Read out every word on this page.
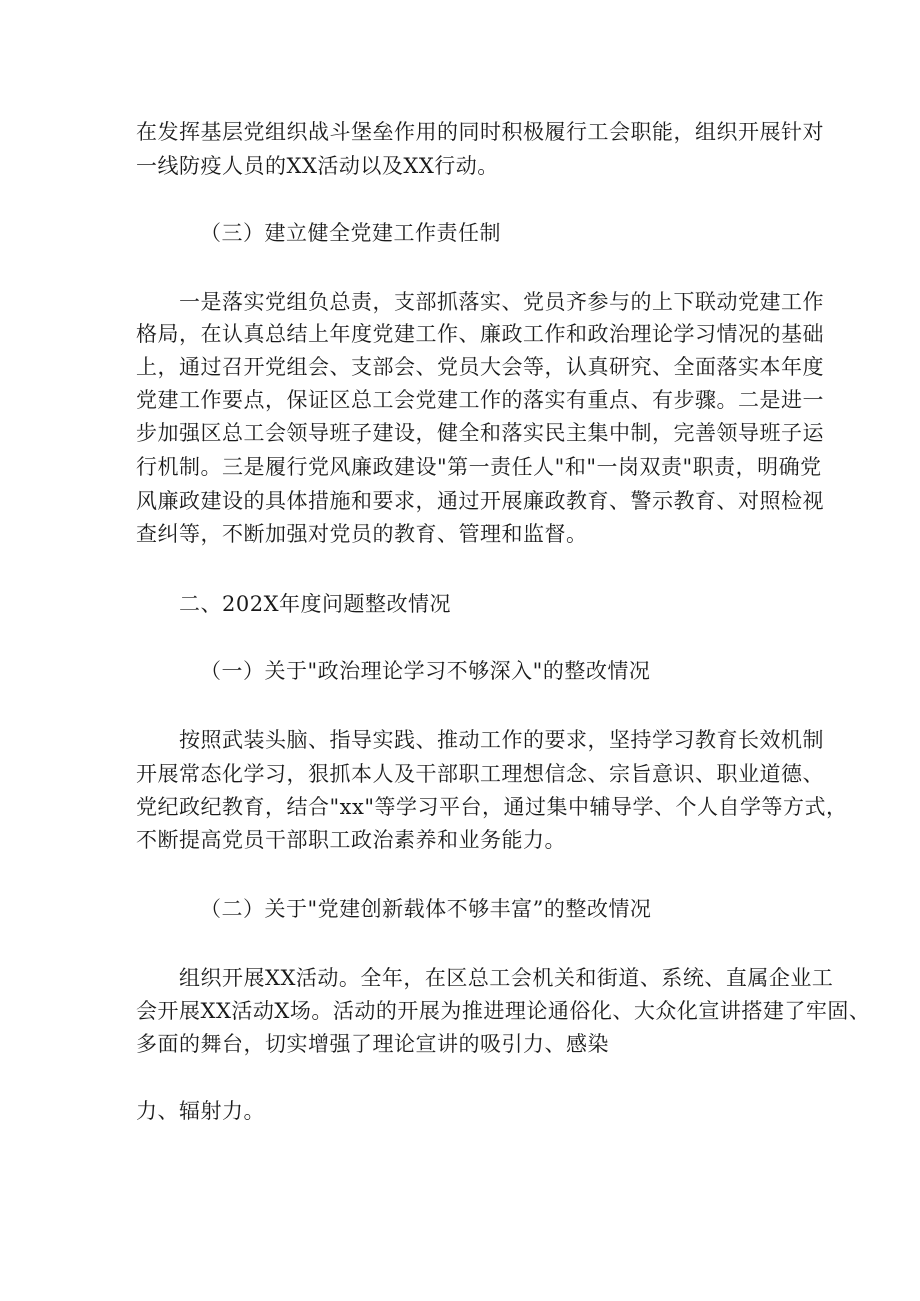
在发挥基层党组织战斗堡垒作用的同时积极履行工会职能，组织开展针对
一线防疫人员的XX活动以及XX行动。
（三）建立健全党建工作责任制
一是落实党组负总责，支部抓落实、党员齐参与的上下联动党建工作
格局，在认真总结上年度党建工作、廉政工作和政治理论学习情况的基础
上，通过召开党组会、支部会、党员大会等，认真研究、全面落实本年度
党建工作要点，保证区总工会党建工作的落实有重点、有步骤。二是进一
步加强区总工会领导班子建设，健全和落实民主集中制，完善领导班子运
行机制。三是履行党风廉政建设"第一责任人"和"一岗双责"职责，明确党
风廉政建设的具体措施和要求，通过开展廉政教育、警示教育、对照检视
查纠等，不断加强对党员的教育、管理和监督。
二、202X年度问题整改情况
（一）关于"政治理论学习不够深入"的整改情况
按照武装头脑、指导实践、推动工作的要求，坚持学习教育长效机制
开展常态化学习，狠抓本人及干部职工理想信念、宗旨意识、职业道德、
党纪政纪教育，结合"xx"等学习平台，通过集中辅导学、个人自学等方式，
不断提高党员干部职工政治素养和业务能力。
（二）关于"党建创新载体不够丰富”的整改情况
组织开展XX活动。全年，在区总工会机关和街道、系统、直属企业工
会开展XX活动X场。活动的开展为推进理论通俗化、大众化宣讲搭建了牢固、
多面的舞台，切实增强了理论宣讲的吸引力、感染
力、辐射力。
